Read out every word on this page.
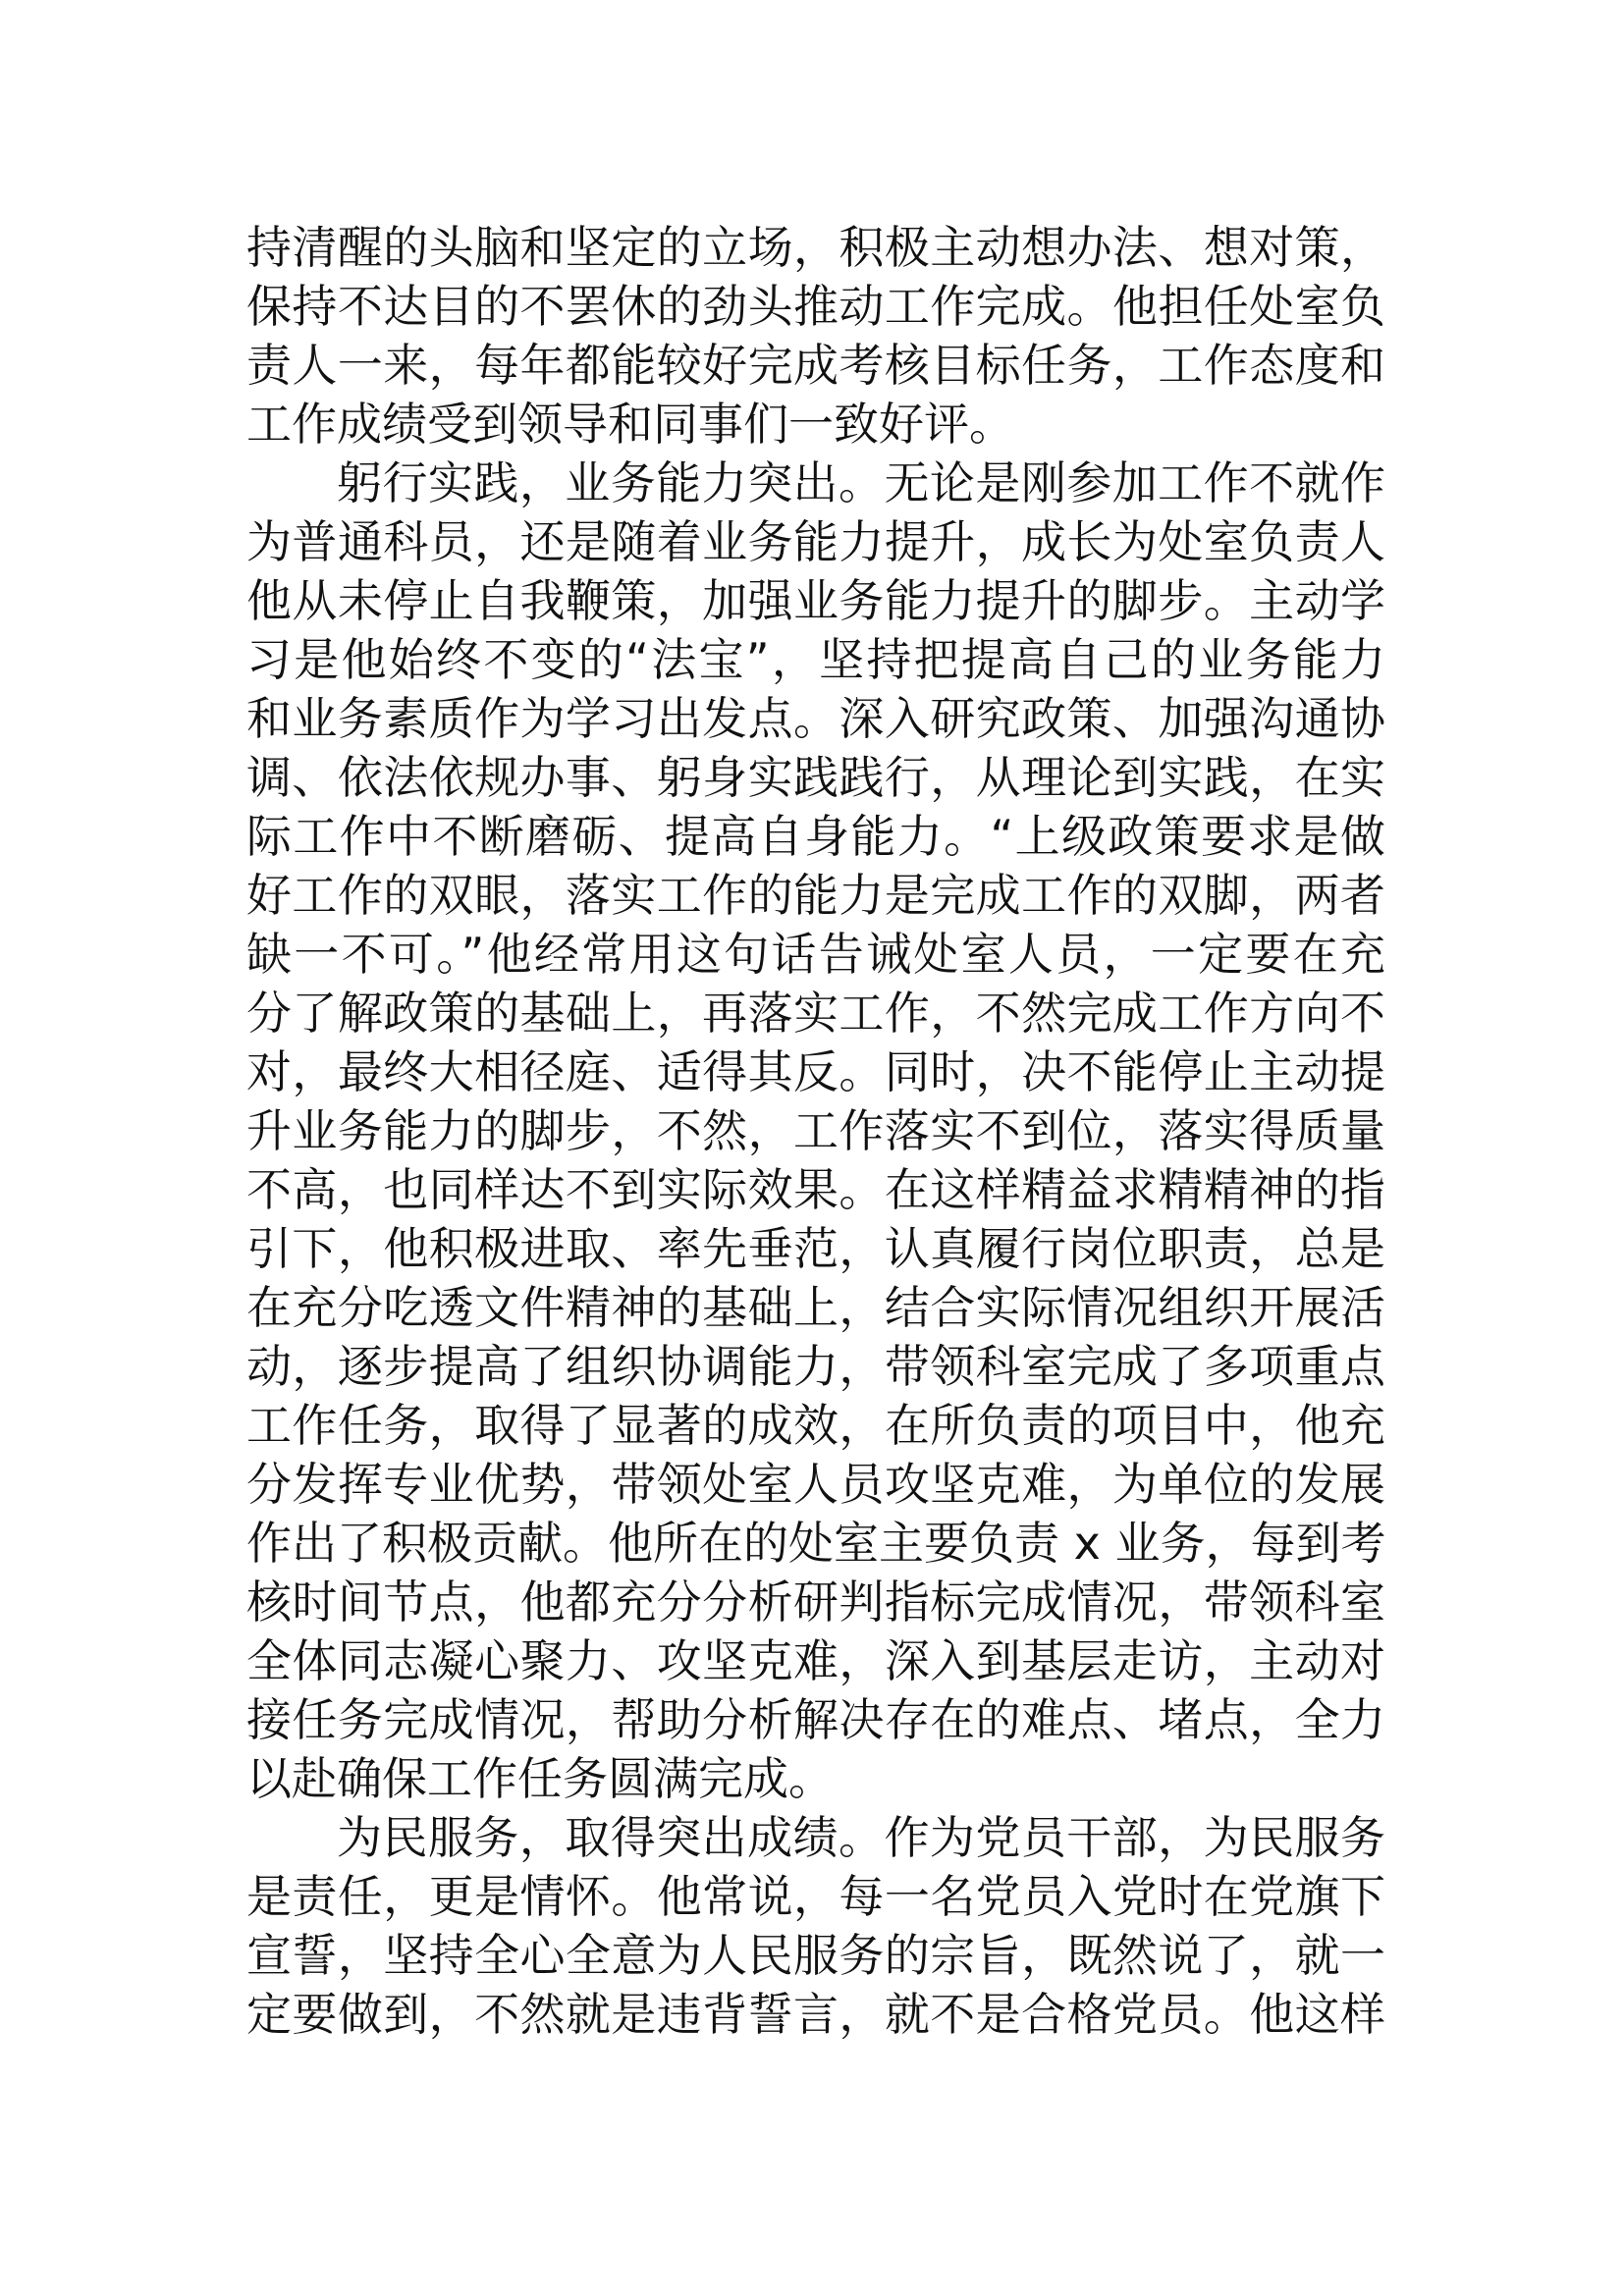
持清醒的头脑和坚定的立场，积极主动想办法、想对策，
保持不达目的不罢休的劲头推动工作完成。他担任处室负
责人一来，每年都能较好完成考核目标任务，工作态度和
工作成绩受到领导和同事们一致好评。
躬行实践，业务能力突出。无论是刚参加工作不就作
为普通科员，还是随着业务能力提升，成长为处室负责人
他从未停止自我鞭策，加强业务能力提升的脚步。主动学
习是他始终不变的“法宝”，坚持把提高自己的业务能力
和业务素质作为学习出发点。深入研究政策、加强沟通协
调、依法依规办事、躬身实践践行，从理论到实践，在实
际工作中不断磨砺、提高自身能力。“上级政策要求是做
好工作的双眼，落实工作的能力是完成工作的双脚，两者
缺一不可。”他经常用这句话告诫处室人员，一定要在充
分了解政策的基础上，再落实工作，不然完成工作方向不
对，最终大相径庭、适得其反。同时，决不能停止主动提
升业务能力的脚步，不然，工作落实不到位，落实得质量
不高，也同样达不到实际效果。在这样精益求精精神的指
引下，他积极进取、率先垂范，认真履行岗位职责，总是
在充分吃透文件精神的基础上，结合实际情况组织开展活
动，逐步提高了组织协调能力，带领科室完成了多项重点
工作任务，取得了显著的成效，在所负责的项目中，他充
分发挥专业优势，带领处室人员攻坚克难，为单位的发展
作出了积极贡献。他所在的处室主要负责 x 业务，每到考
核时间节点，他都充分分析研判指标完成情况，带领科室
全体同志凝心聚力、攻坚克难，深入到基层走访，主动对
接任务完成情况，帮助分析解决存在的难点、堵点，全力
以赴确保工作任务圆满完成。
为民服务，取得突出成绩。作为党员干部，为民服务
是责任，更是情怀。他常说，每一名党员入党时在党旗下
宣誓，坚持全心全意为人民服务的宗旨，既然说了，就一
定要做到，不然就是违背誓言，就不是合格党员。他这样
